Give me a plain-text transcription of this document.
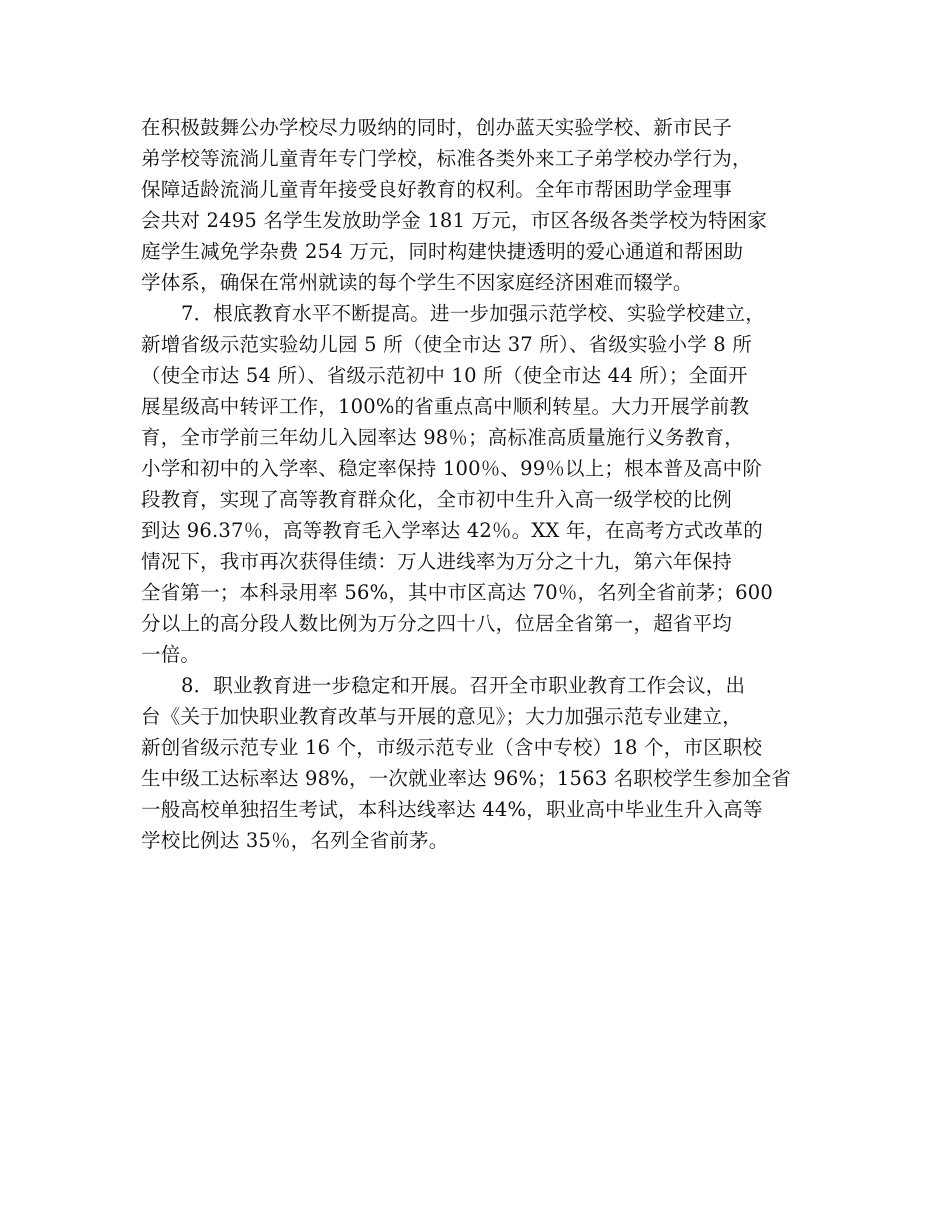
在积极鼓舞公办学校尽力吸纳的同时，创办蓝天实验学校、新市民子
弟学校等流淌儿童青年专门学校，标准各类外来工子弟学校办学行为，
保障适龄流淌儿童青年接受良好教育的权利。全年市帮困助学金理事
会共对 2495 名学生发放助学金 181 万元，市区各级各类学校为特困家
庭学生减免学杂费 254 万元，同时构建快捷透明的爱心通道和帮困助
学体系，确保在常州就读的每个学生不因家庭经济困难而辍学。
7．根底教育水平不断提高。进一步加强示范学校、实验学校建立，
新增省级示范实验幼儿园 5 所（使全市达 37 所）、省级实验小学 8 所
（使全市达 54 所）、省级示范初中 10 所（使全市达 44 所）；全面开
展星级高中转评工作，100%的省重点高中顺利转星。大力开展学前教
育，全市学前三年幼儿入园率达 98％；高标准高质量施行义务教育，
小学和初中的入学率、稳定率保持 100％、99％以上；根本普及高中阶
段教育，实现了高等教育群众化，全市初中生升入高一级学校的比例
到达 96.37％，高等教育毛入学率达 42％。XX 年，在高考方式改革的
情况下，我市再次获得佳绩：万人进线率为万分之十九，第六年保持
全省第一；本科录用率 56%，其中市区高达 70％，名列全省前茅；600
分以上的高分段人数比例为万分之四十八，位居全省第一，超省平均
一倍。
8．职业教育进一步稳定和开展。召开全市职业教育工作会议，出
台《关于加快职业教育改革与开展的意见》；大力加强示范专业建立，
新创省级示范专业 16 个，市级示范专业（含中专校）18 个，市区职校
生中级工达标率达 98%，一次就业率达 96%；1563 名职校学生参加全省
一般高校单独招生考试，本科达线率达 44%，职业高中毕业生升入高等
学校比例达 35％，名列全省前茅。
